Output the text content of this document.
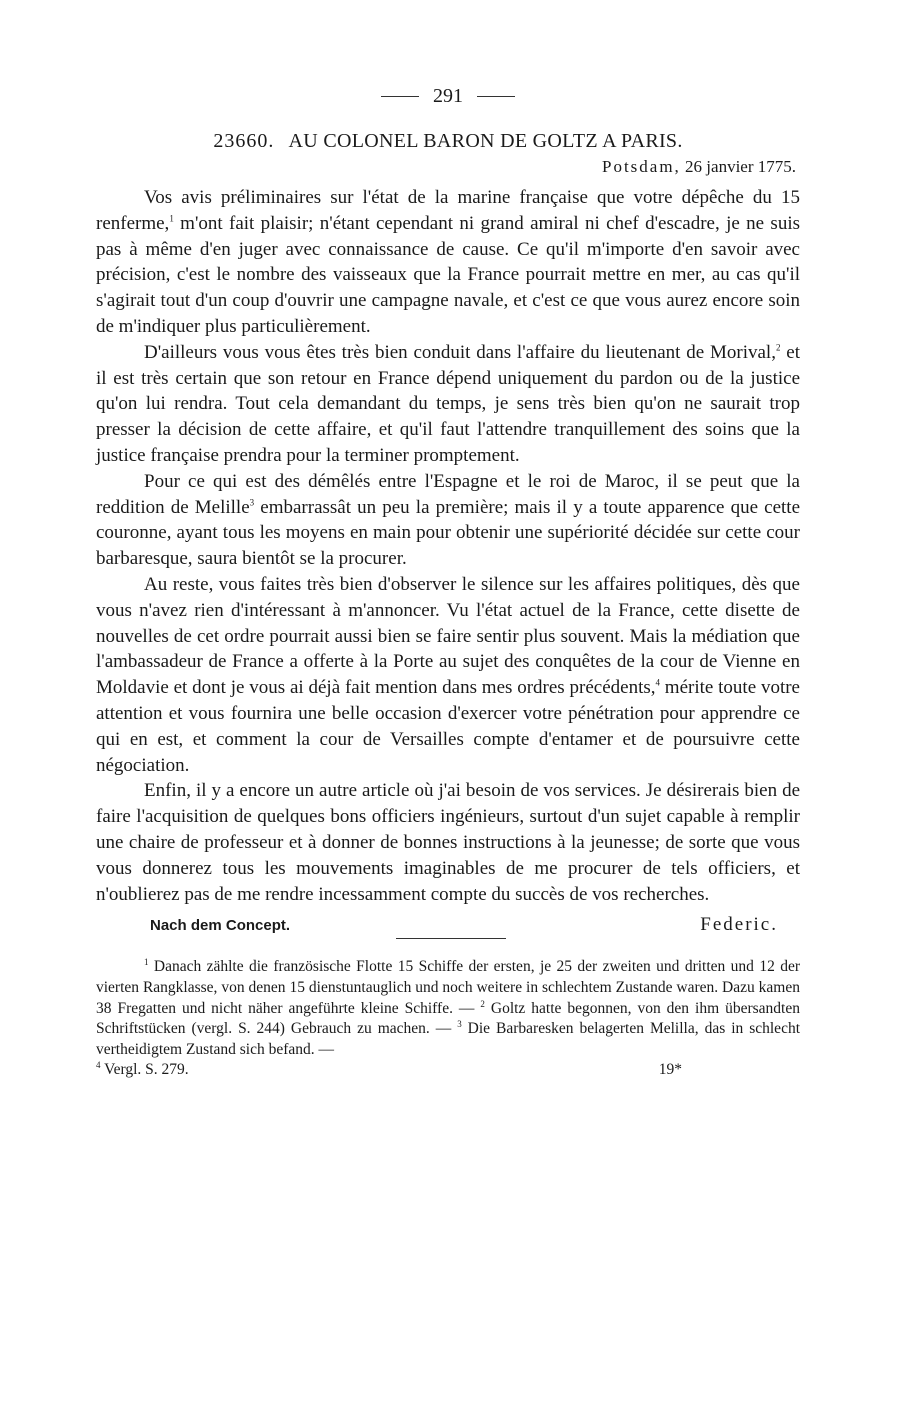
291
23660. AU COLONEL BARON DE GOLTZ A PARIS.
Potsdam, 26 janvier 1775.

Vos avis préliminaires sur l'état de la marine française que votre dépêche du 15 renferme,$^1$ m'ont fait plaisir; n'étant cependant ni grand amiral ni chef d'escadre, je ne suis pas à même d'en juger avec connaissance de cause. Ce qu'il m'importe d'en savoir avec précision, c'est le nombre des vaisseaux que la France pourrait mettre en mer, au cas qu'il s'agirait tout d'un coup d'ouvrir une campagne navale, et c'est ce que vous aurez encore soin de m'indiquer plus particulièrement.

D'ailleurs vous vous êtes très bien conduit dans l'affaire du lieutenant de Morival,$^2$ et il est très certain que son retour en France dépend uniquement du pardon ou de la justice qu'on lui rendra. Tout cela demandant du temps, je sens très bien qu'on ne saurait trop presser la décision de cette affaire, et qu'il faut l'attendre tranquillement des soins que la justice française prendra pour la terminer promptement.

Pour ce qui est des démêlés entre l'Espagne et le roi de Maroc, il se peut que la reddition de Melille$^3$ embarrassât un peu la première; mais il y a toute apparence que cette couronne, ayant tous les moyens en main pour obtenir une supériorité décidée sur cette cour barbaresque, saura bientôt se la procurer.

Au reste, vous faites très bien d'observer le silence sur les affaires politiques, dès que vous n'avez rien d'intéressant à m'annoncer. Vu l'état actuel de la France, cette disette de nouvelles de cet ordre pourrait aussi bien se faire sentir plus souvent. Mais la médiation que l'ambassadeur de France a offerte à la Porte au sujet des conquêtes de la cour de Vienne en Moldavie et dont je vous ai déjà fait mention dans mes ordres précédents,$^4$ mérite toute votre attention et vous fournira une belle occasion d'exercer votre pénétration pour apprendre ce qui en est, et comment la cour de Versailles compte d'entamer et de poursuivre cette négociation.

Enfin, il y a encore un autre article où j'ai besoin de vos services. Je désirerais bien de faire l'acquisition de quelques bons officiers ingénieurs, surtout d'un sujet capable à remplir une chaire de professeur et à donner de bonnes instructions à la jeunesse; de sorte que vous vous donnerez tous les mouvements imaginables de me procurer de tels officiers, et n'oublierez pas de me rendre incessamment compte du succès de vos recherches.

Nach dem Concept.	Federic.

$^1$ Danach zählte die französische Flotte 15 Schiffe der ersten, je 25 der zweiten und dritten und 12 der vierten Rangklasse, von denen 15 dienstuntauglich und noch weitere in schlechtem Zustande waren. Dazu kamen 38 Fregatten und nicht näher angeführte kleine Schiffe. — $^2$ Goltz hatte begonnen, von den ihm übersandten Schriftstücken (vergl. S. 244) Gebrauch zu machen. — $^3$ Die Barbaresken belagerten Melilla, das in schlecht vertheidigtem Zustand sich befand. —

$^4$ Vergl. S. 279.	19*
